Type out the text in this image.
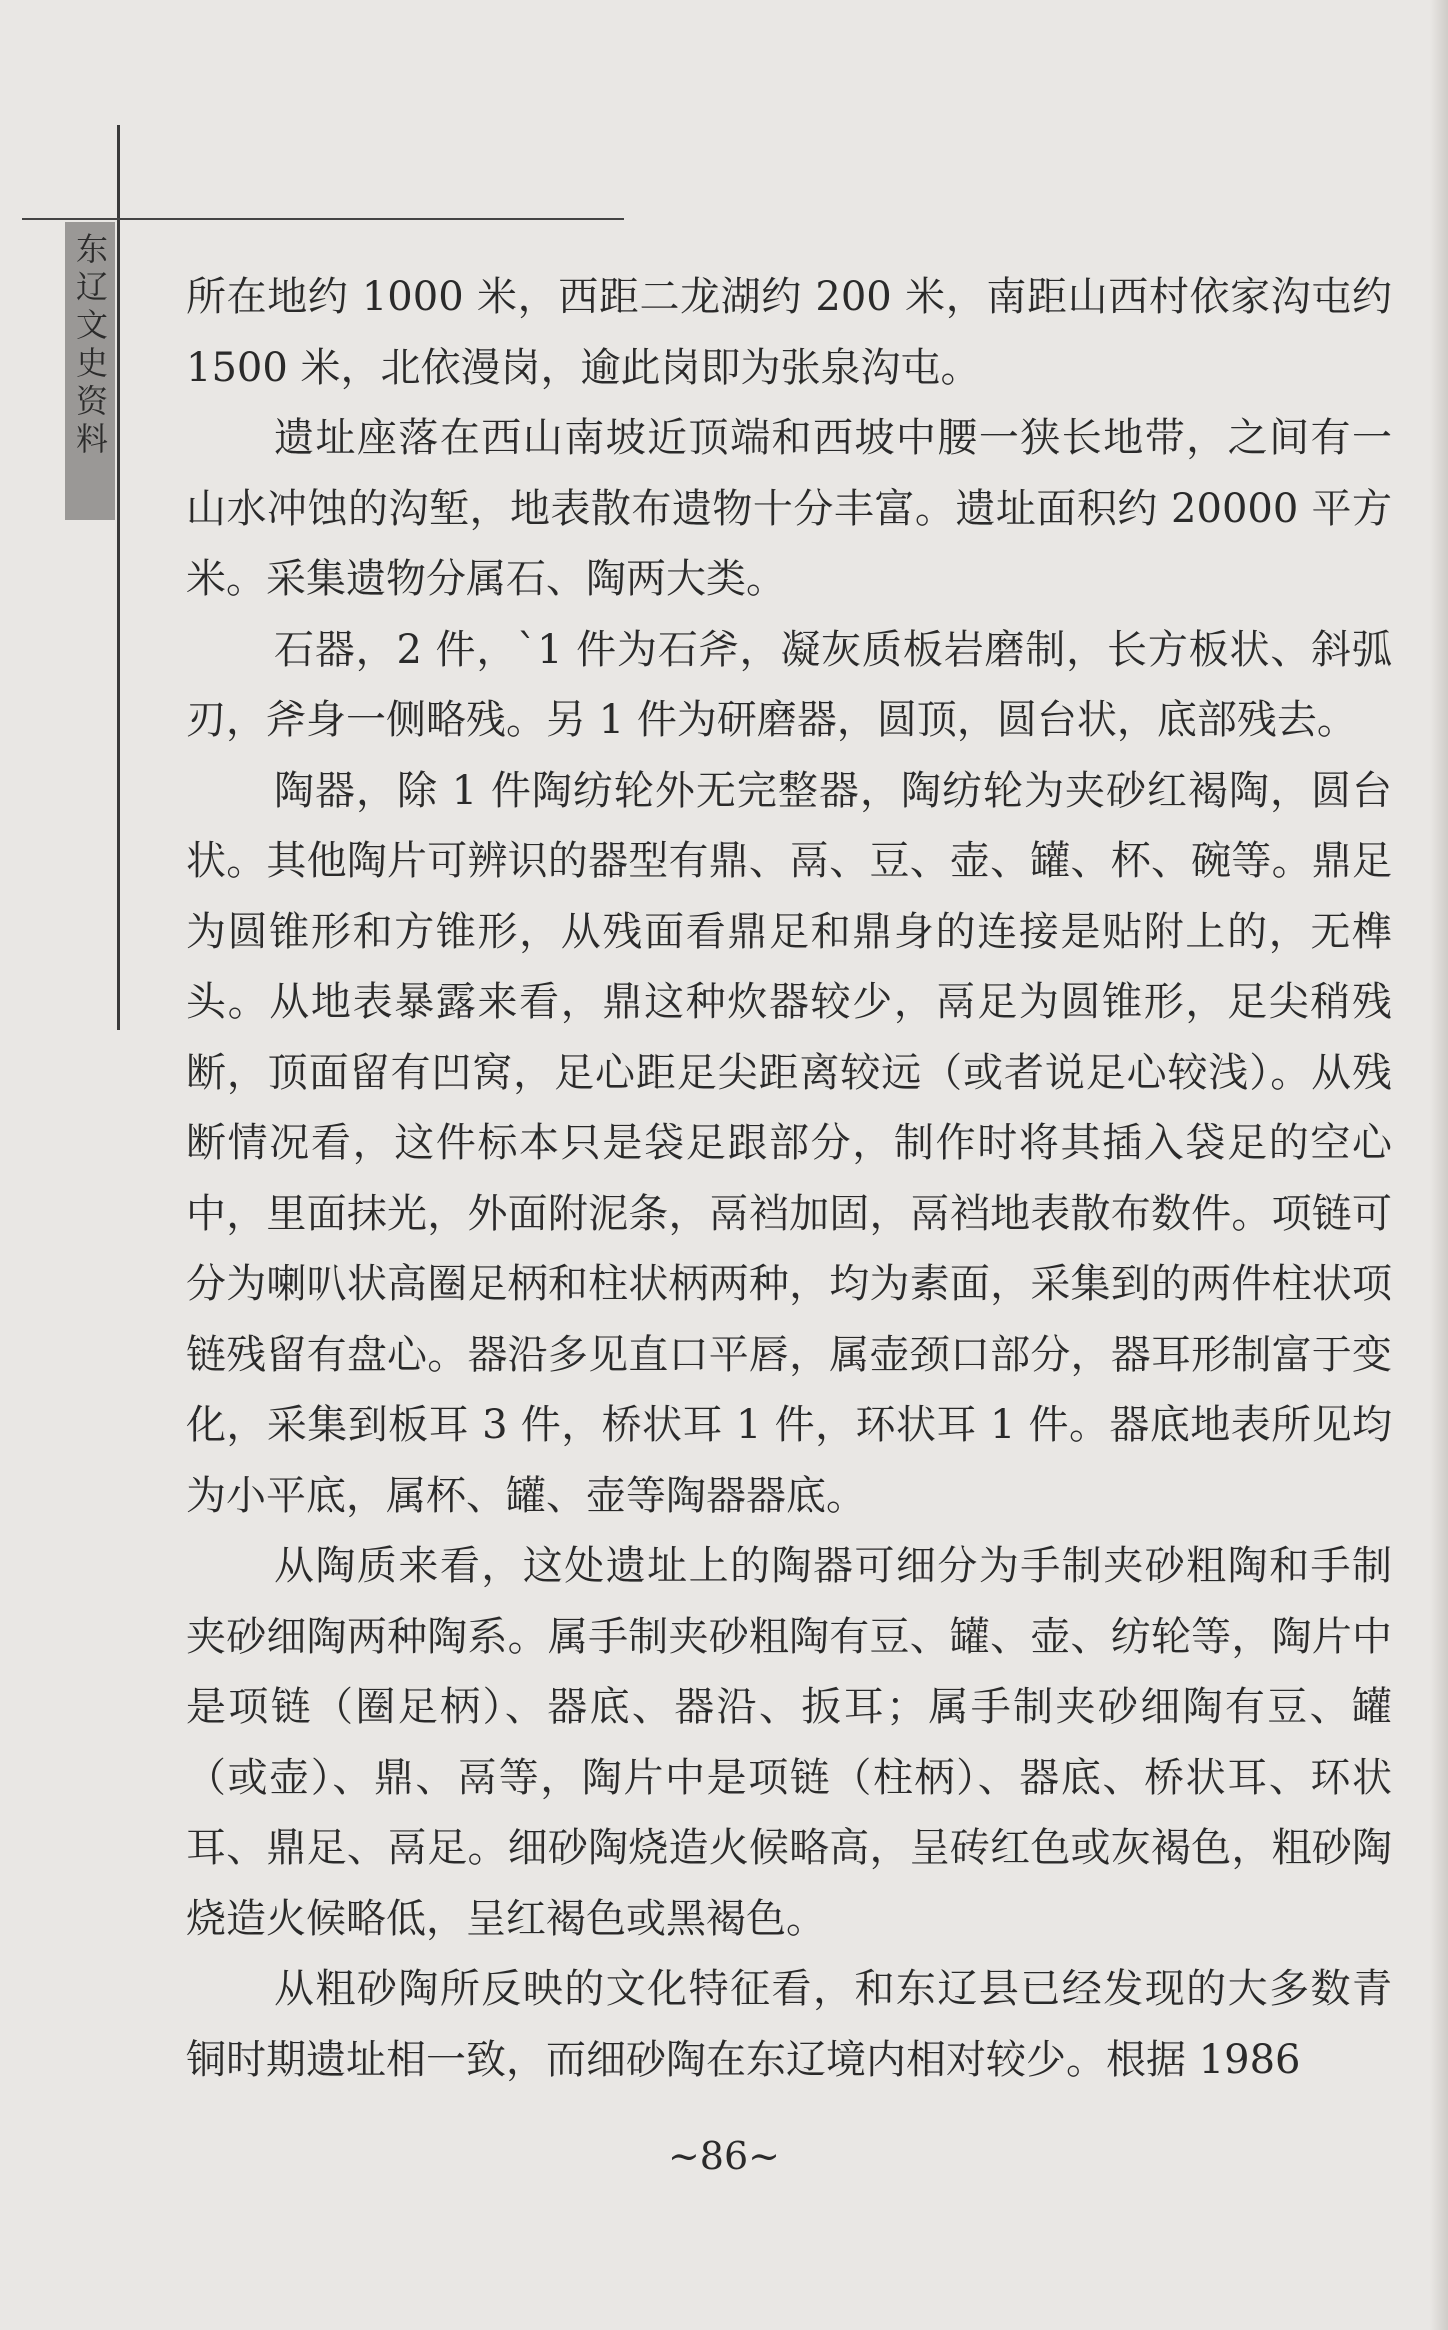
东辽文史资料 所在地约 1000 米，西距二龙湖约 200 米，南距山西村依家沟屯约 1500 米，北依漫岗，逾此岗即为张泉沟屯。

遗址座落在西山南坡近顶端和西坡中腰一狭长地带，之间有一山水冲蚀的沟堑，地表散布遗物十分丰富。遗址面积约 20000 平方米。采集遗物分属石、陶两大类。

石器，2 件，`1 件为石斧，凝灰质板岩磨制，长方板状、斜弧刃，斧身一侧略残。另 1 件为研磨器，圆顶，圆台状，底部残去。

陶器，除 1 件陶纺轮外无完整器，陶纺轮为夹砂红褐陶，圆台状。其他陶片可辨识的器型有鼎、鬲、豆、壶、罐、杯、碗等。鼎足为圆锥形和方锥形，从残面看鼎足和鼎身的连接是贴附上的，无榫头。从地表暴露来看，鼎这种炊器较少，鬲足为圆锥形，足尖稍残断，顶面留有凹窝，足心距足尖距离较远（或者说足心较浅）。从残断情况看，这件标本只是袋足跟部分，制作时将其插入袋足的空心中，里面抹光，外面附泥条，鬲裆加固，鬲裆地表散布数件。项链可分为喇叭状高圈足柄和柱状柄两种，均为素面，采集到的两件柱状项链残留有盘心。器沿多见直口平唇，属壶颈口部分，器耳形制富于变化，采集到板耳 3 件，桥状耳 1 件，环状耳 1 件。器底地表所见均为小平底，属杯、罐、壶等陶器器底。

从陶质来看，这处遗址上的陶器可细分为手制夹砂粗陶和手制夹砂细陶两种陶系。属手制夹砂粗陶有豆、罐、壶、纺轮等，陶片中是项链（圈足柄）、器底、器沿、扳耳；属手制夹砂细陶有豆、罐（或壶）、鼎、鬲等，陶片中是项链（柱柄）、器底、桥状耳、环状耳、鼎足、鬲足。细砂陶烧造火候略高，呈砖红色或灰褐色，粗砂陶烧造火候略低，呈红褐色或黑褐色。

从粗砂陶所反映的文化特征看，和东辽县已经发现的大多数青铜时期遗址相一致，而细砂陶在东辽境内相对较少。根据 1986

~86~
